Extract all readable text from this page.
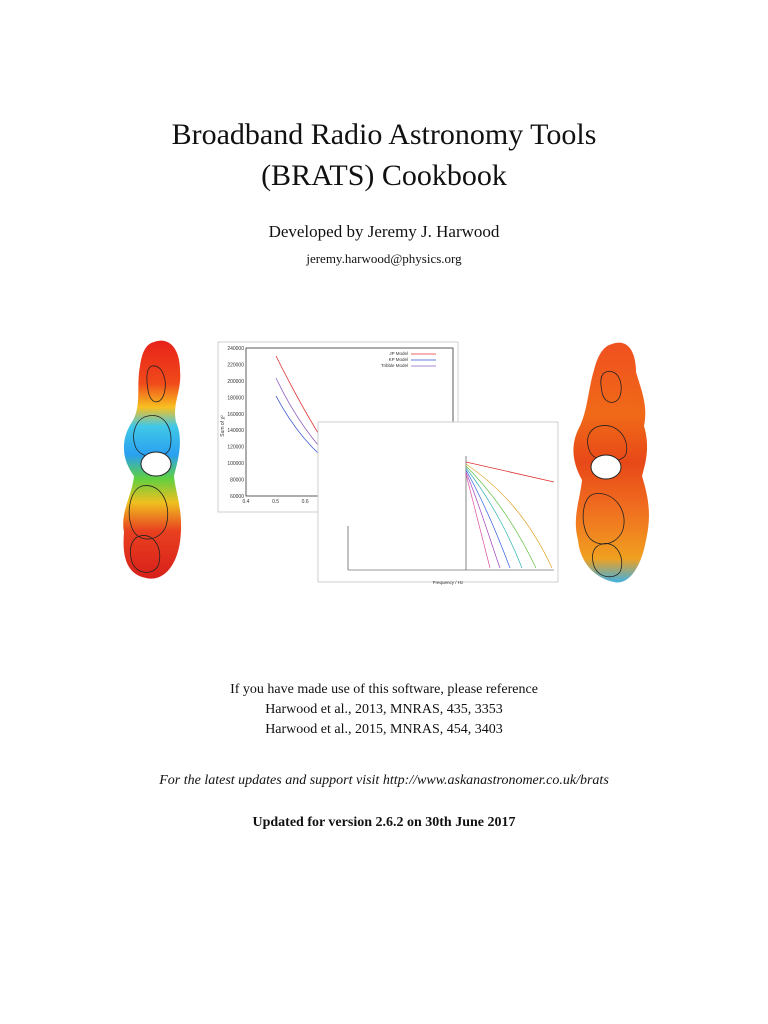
Broadband Radio Astronomy Tools
(BRATS) Cookbook
Developed by Jeremy J. Harwood
jeremy.harwood@physics.org
240000
220000
200000
180000
160000
140000
120000
100000
80000
60000
0.4	0.5	0.6
Sum of χ²
JP Model
KP Model
Tribble Model
Frequency / Hz
If you have made use of this software, please reference
Harwood et al., 2013, MNRAS, 435, 3353
Harwood et al., 2015, MNRAS, 454, 3403
For the latest updates and support visit http://www.askanastronomer.co.uk/brats
Updated for version 2.6.2 on 30th June 2017
